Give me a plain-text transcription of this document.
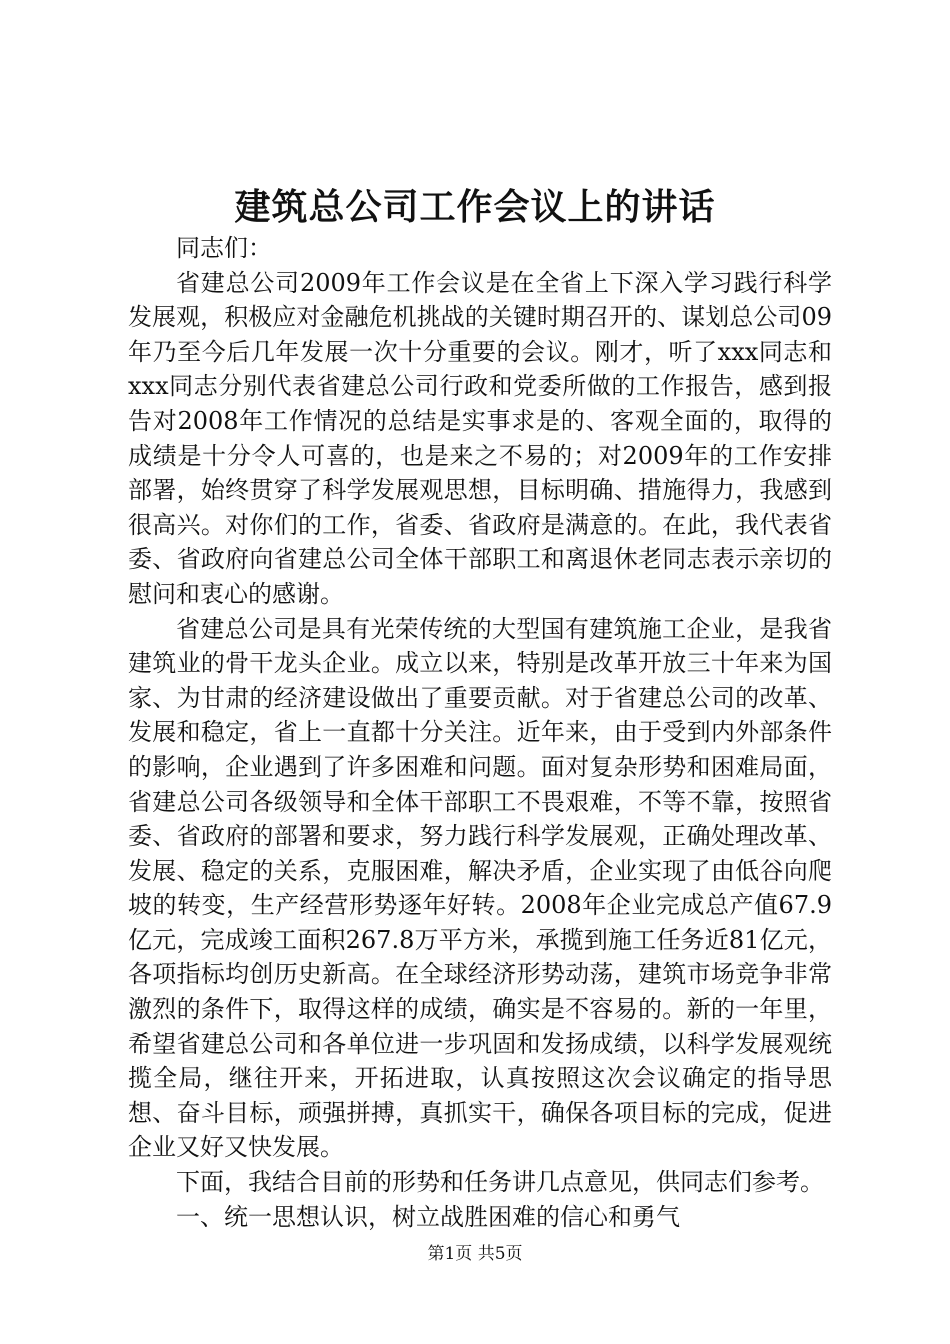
建筑总公司工作会议上的讲话

同志们：

省建总公司2009年工作会议是在全省上下深入学习践行科学发展观，积极应对金融危机挑战的关键时期召开的、谋划总公司09年乃至今后几年发展一次十分重要的会议。刚才，听了xxx同志和xxx同志分别代表省建总公司行政和党委所做的工作报告，感到报告对2008年工作情况的总结是实事求是的、客观全面的，取得的成绩是十分令人可喜的，也是来之不易的；对2009年的工作安排部署，始终贯穿了科学发展观思想，目标明确、措施得力，我感到很高兴。对你们的工作，省委、省政府是满意的。在此，我代表省委、省政府向省建总公司全体干部职工和离退休老同志表示亲切的慰问和衷心的感谢。

省建总公司是具有光荣传统的大型国有建筑施工企业，是我省建筑业的骨干龙头企业。成立以来，特别是改革开放三十年来为国家、为甘肃的经济建设做出了重要贡献。对于省建总公司的改革、发展和稳定，省上一直都十分关注。近年来，由于受到内外部条件的影响，企业遇到了许多困难和问题。面对复杂形势和困难局面，省建总公司各级领导和全体干部职工不畏艰难，不等不靠，按照省委、省政府的部署和要求，努力践行科学发展观，正确处理改革、发展、稳定的关系，克服困难，解决矛盾，企业实现了由低谷向爬坡的转变，生产经营形势逐年好转。2008年企业完成总产值67.9亿元，完成竣工面积267.8万平方米，承揽到施工任务近81亿元，各项指标均创历史新高。在全球经济形势动荡，建筑市场竞争非常激烈的条件下，取得这样的成绩，确实是不容易的。新的一年里，希望省建总公司和各单位进一步巩固和发扬成绩，以科学发展观统揽全局，继往开来，开拓进取，认真按照这次会议确定的指导思想、奋斗目标，顽强拼搏，真抓实干，确保各项目标的完成，促进企业又好又快发展。

下面，我结合目前的形势和任务讲几点意见，供同志们参考。

一、统一思想认识，树立战胜困难的信心和勇气

第1页 共5页
